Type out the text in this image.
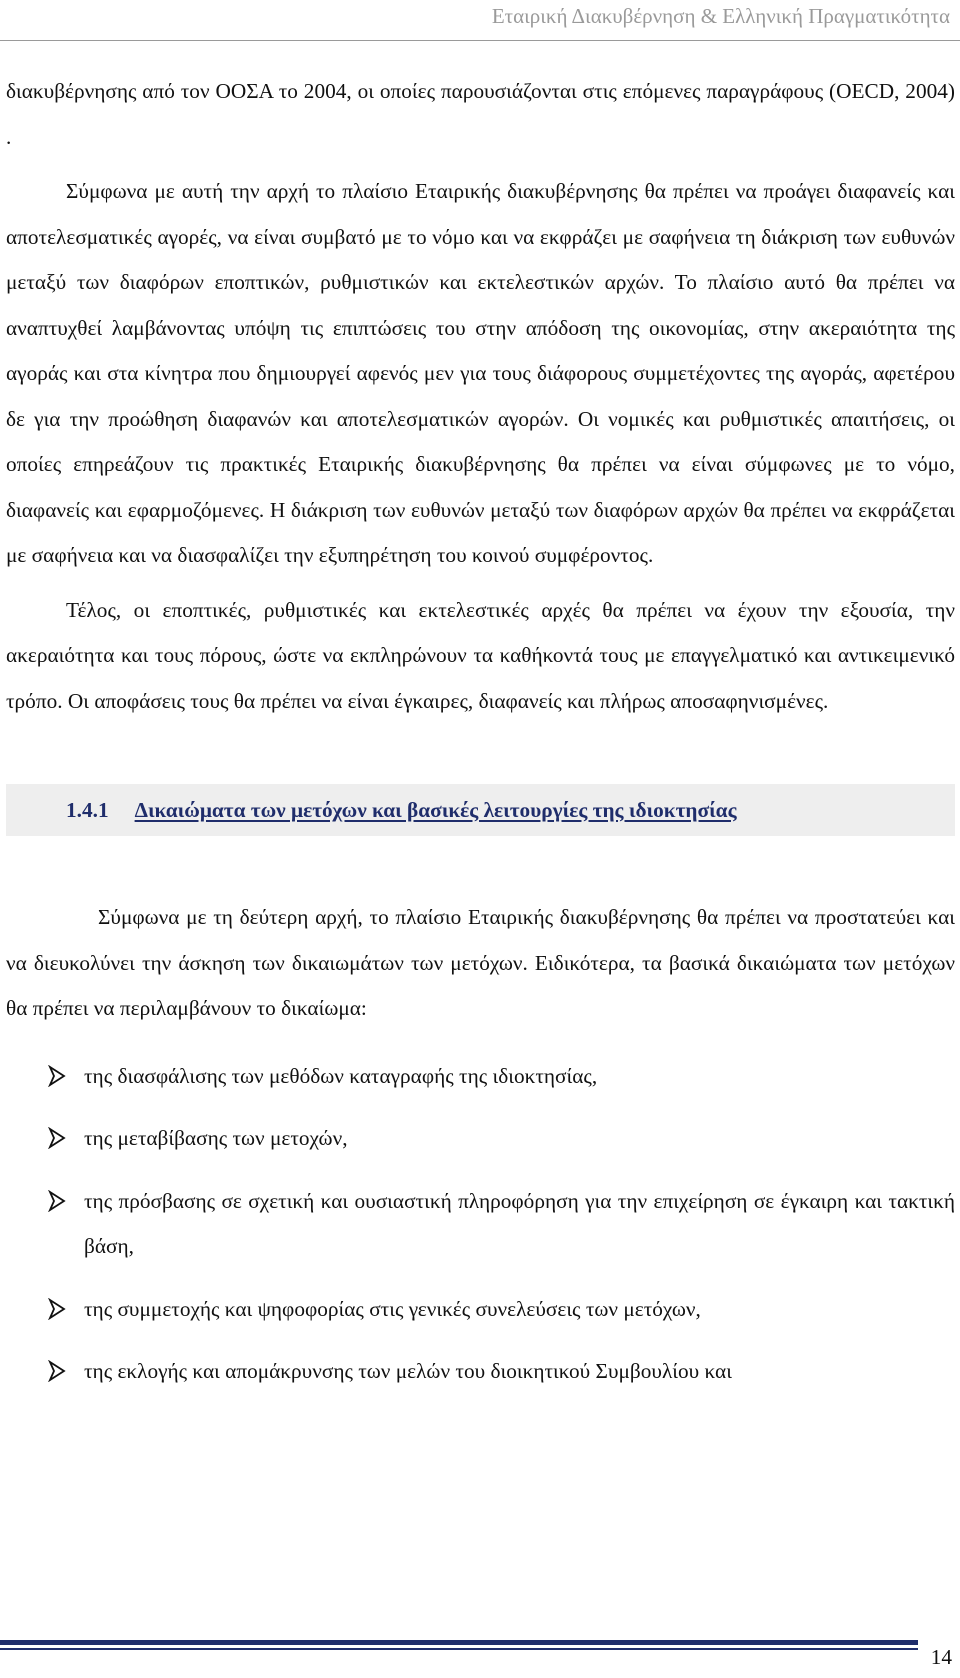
Εταιρική Διακυβέρνηση & Ελληνική Πραγματικότητα

διακυβέρνησης από τον ΟΟΣΑ το 2004, οι οποίες παρουσιάζονται στις επόμενες παραγράφους (OECD, 2004) .

Σύμφωνα με αυτή την αρχή το πλαίσιο Εταιρικής διακυβέρνησης θα πρέπει να προάγει διαφανείς και αποτελεσματικές αγορές, να είναι συμβατό με το νόμο και να εκφράζει με σαφήνεια τη διάκριση των ευθυνών μεταξύ των διαφόρων εποπτικών, ρυθμιστικών και εκτελεστικών αρχών. Το πλαίσιο αυτό θα πρέπει να αναπτυχθεί λαμβάνοντας υπόψη τις επιπτώσεις του στην απόδοση της οικονομίας, στην ακεραιότητα της αγοράς και στα κίνητρα που δημιουργεί αφενός μεν για τους διάφορους συμμετέχοντες της αγοράς, αφετέρου δε για την προώθηση διαφανών και αποτελεσματικών αγορών. Οι νομικές και ρυθμιστικές απαιτήσεις, οι οποίες επηρεάζουν τις πρακτικές Εταιρικής διακυβέρνησης θα πρέπει να είναι σύμφωνες με το νόμο, διαφανείς και εφαρμοζόμενες. Η διάκριση των ευθυνών μεταξύ των διαφόρων αρχών θα πρέπει να εκφράζεται με σαφήνεια και να διασφαλίζει την εξυπηρέτηση του κοινού συμφέροντος.

Τέλος, οι εποπτικές, ρυθμιστικές και εκτελεστικές αρχές θα πρέπει να έχουν την εξουσία, την ακεραιότητα και τους πόρους, ώστε να εκπληρώνουν τα καθήκοντά τους με επαγγελματικό και αντικειμενικό τρόπο. Οι αποφάσεις τους θα πρέπει να είναι έγκαιρες, διαφανείς και πλήρως αποσαφηνισμένες.

1.4.1 Δικαιώματα των μετόχων και βασικές λειτουργίες της ιδιοκτησίας

Σύμφωνα με τη δεύτερη αρχή, το πλαίσιο Εταιρικής διακυβέρνησης θα πρέπει να προστατεύει και να διευκολύνει την άσκηση των δικαιωμάτων των μετόχων. Ειδικότερα, τα βασικά δικαιώματα των μετόχων θα πρέπει να περιλαμβάνουν το δικαίωμα:

της διασφάλισης των μεθόδων καταγραφής της ιδιοκτησίας,
της μεταβίβασης των μετοχών,
της πρόσβασης σε σχετική και ουσιαστική πληροφόρηση για την επιχείρηση σε έγκαιρη και τακτική βάση,
της συμμετοχής και ψηφοφορίας στις γενικές συνελεύσεις των μετόχων,
της εκλογής και απομάκρυνσης των μελών του διοικητικού Συμβουλίου και
14
